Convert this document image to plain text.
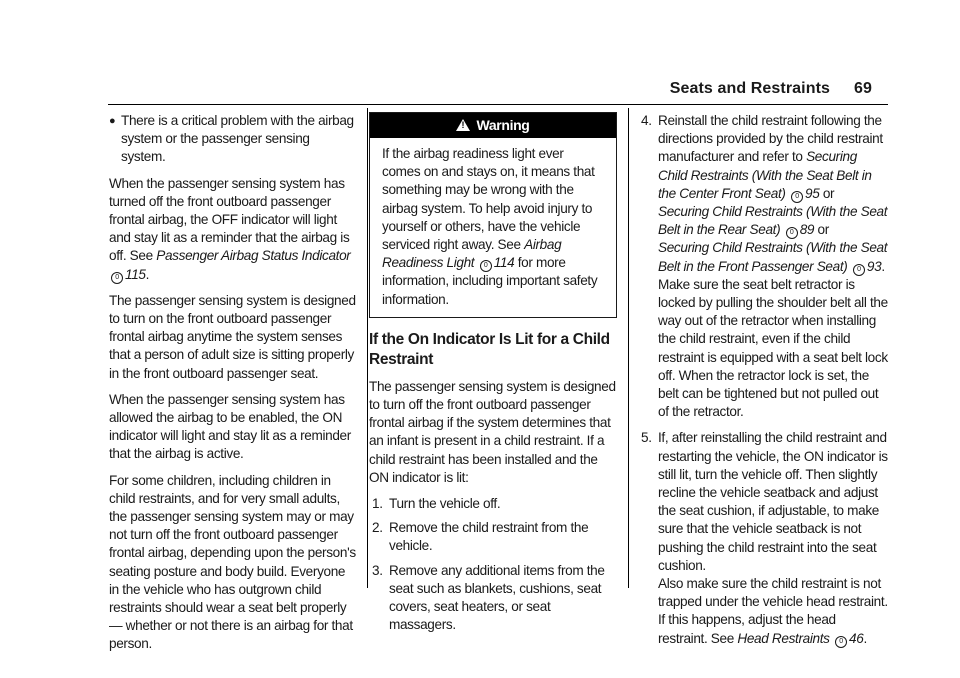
Seats and Restraints 69
● There is a critical problem with the airbag system or the passenger sensing system.

When the passenger sensing system has turned off the front outboard passenger frontal airbag, the OFF indicator will light and stay lit as a reminder that the airbag is off. See Passenger Airbag Status Indicator
0 115.

The passenger sensing system is designed to turn on the front outboard passenger frontal airbag anytime the system senses that a person of adult size is sitting properly in the front outboard passenger seat.

When the passenger sensing system has allowed the airbag to be enabled, the ON indicator will light and stay lit as a reminder that the airbag is active.

For some children, including children in child restraints, and for very small adults, the passenger sensing system may or may not turn off the front outboard passenger frontal airbag, depending upon the person's seating posture and body build. Everyone in the vehicle who has outgrown child restraints should wear a seat belt properly — whether or not there is an airbag for that person.

!Warning
If the airbag readiness light ever comes on and stays on, it means that something may be wrong with the airbag system. To help avoid injury to yourself or others, have the vehicle serviced right away. See Airbag Readiness Light 0 114 for more information, including important safety information.
If the On Indicator Is Lit for a Child Restraint

The passenger sensing system is designed to turn off the front outboard passenger frontal airbag if the system determines that an infant is present in a child restraint. If a child restraint has been installed and the ON indicator is lit:

1. Turn the vehicle off.
2. Remove the child restraint from the vehicle.
3. Remove any additional items from the seat such as blankets, cushions, seat covers, seat heaters, or seat massagers.
4. Reinstall the child restraint following the directions provided by the child restraint manufacturer and refer to Securing Child Restraints (With the Seat Belt in the Center Front Seat) 0 95 or
Securing Child Restraints (With the Seat Belt in the Rear Seat) 0 89 or
Securing Child Restraints (With the Seat Belt in the Front Passenger Seat) 0 93.

Make sure the seat belt retractor is locked by pulling the shoulder belt all the way out of the retractor when installing the child restraint, even if the child restraint is equipped with a seat belt lock off. When the retractor lock is set, the belt can be tightened but not pulled out of the retractor.

5. If, after reinstalling the child restraint and restarting the vehicle, the ON indicator is still lit, turn the vehicle off. Then slightly recline the vehicle seatback and adjust the seat cushion, if adjustable, to make sure that the vehicle seatback is not pushing the child restraint into the seat cushion.

Also make sure the child restraint is not trapped under the vehicle head restraint. If this happens, adjust the head restraint. See Head Restraints 0 46.
